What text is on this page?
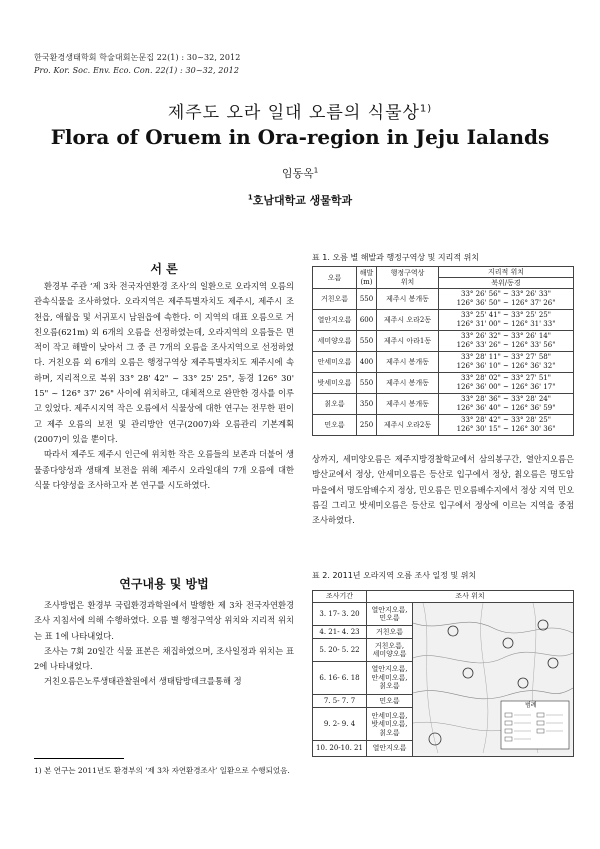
한국환경생태학회 학술대회논문집 22(1) : 30~32, 2012
Pro. Kor. Soc. Env. Eco. Con. 22(1) : 30~32, 2012
제주도 오라 일대 오름의 식물상$^{1)}$
Flora of Oruem in Ora-region in Jeju Ialands
임동옥$^1$
$^1$호남대학교 생물학과
서 론

환경부 주관 ‘제 3차 전국자연환경 조사’의 일환으로 오라지역 오름의 관속식물을 조사하였다. 오라지역은 제주특별자치도 제주시, 제주시 조천읍, 애월읍 및 서귀포시 남원읍에 속한다. 이 지역의 대표 오름으로 거친오름(621m) 외 6개의 오름을 선정하였는데, 오라지역의 오름들은 면적이 작고 해발이 낮아서 그 중 큰 7개의 오름을 조사지역으로 선정하였다. 거친오름 외 6개의 오름은 행정구역상 제주특별자치도 제주시에 속하며, 지리적으로 북위 33° 28' 42" ~ 33° 25' 25", 동경 126° 30' 15" ~ 126° 37' 26" 사이에 위치하고, 대체적으로 완만한 경사를 이루고 있었다. 제주시지역 작은 오름에서 식물상에 대한 연구는 전무한 편이고 제주 오름의 보전 및 관리방안 연구(2007)와 오름관리 기본계획(2007)이 있을 뿐이다.

따라서 제주도 제주시 인근에 위치한 작은 오름들의 보존과 더불어 생물종다양성과 생태계 보전을 위해 제주시 오라일대의 7개 오름에 대한 식물 다양성을 조사하고자 본 연구를 시도하였다.

연구내용 및 방법

조사방법은 환경부 국립환경과학원에서 발행한 제 3차 전국자연환경조사 지침서에 의해 수행하였다. 오름 별 행정구역상 위치와 지리적 위치는 표 1에 나타내었다.

조사는 7회 20일간 식물 표본은 채집하였으며, 조사일정과 위치는 표 2에 나타내었다.

거친오름은노루생태관찰원에서 생태탐방데크를통해 정

1) 본 연구는 2011년도 환경부의 ‘제 3차 자연환경조사’ 일환으로 수행되었음.
표 1. 오름 별 해발과 행정구역상 및 지리적 위치
오름	해발
(m)	행정구역상
위치	지리적 위치
			북위/동경
거친오름	550	제주시 봉개동	33° 26' 56" ~ 33° 26' 33"
126° 36' 50" ~ 126° 37' 26"
열안지오름	600	제주시 오라2동	33° 25' 41" ~ 33° 25' 25"
126° 31' 00" ~ 126° 31' 33"
세미양오름	550	제주시 아라1동	33° 26' 32" ~ 33° 26' 14"
126° 33' 26" ~ 126° 33' 56"
안세미오름	400	제주시 봉개동	33° 28' 11" ~ 33° 27' 58"
126° 36' 10" ~ 126° 36' 32"
밧세미오름	550	제주시 봉개동	33° 28' 02" ~ 33° 27' 51"
126° 36' 00" ~ 126° 36' 17"
칡오름	350	제주시 봉개동	33° 28' 36" ~ 33° 28' 24"
126° 36' 40" ~ 126° 36' 59"
민오름	250	제주시 오라2동	33° 28' 42" ~ 33° 28' 25"
126° 30' 15" ~ 126° 30' 36"

상까지, 세미양오름은 제주지방경찰학교에서 삼의봉구간, 열안지오름은 방산교에서 정상, 안세미오름은 등산로 입구에서 정상, 칡오름은 명도암 마을에서 명도암배수지 정상, 민오름은 민오름배수지에서 정상 지역 민오름길 그리고 밧세미오름은 등산로 입구에서 정상에 이르는 지역을 중점 조사하였다.

표 2. 2011년 오라지역 오름 조사 일정 및 위치
조사기간	조사 위치	
3. 17- 3. 20	열안지오름,
민오름	범례

4. 21- 4. 23	거친오름	
5. 20- 5. 22	거친오름,
세미양오름	
6. 16- 6. 18	열안지오름,
안세미오름,
칡오름	
7. 5- 7. 7	민오름	
9. 2- 9. 4	안세미오름,
밧세미오름,
칡오름	
10. 20-10. 21	열안지오름	
